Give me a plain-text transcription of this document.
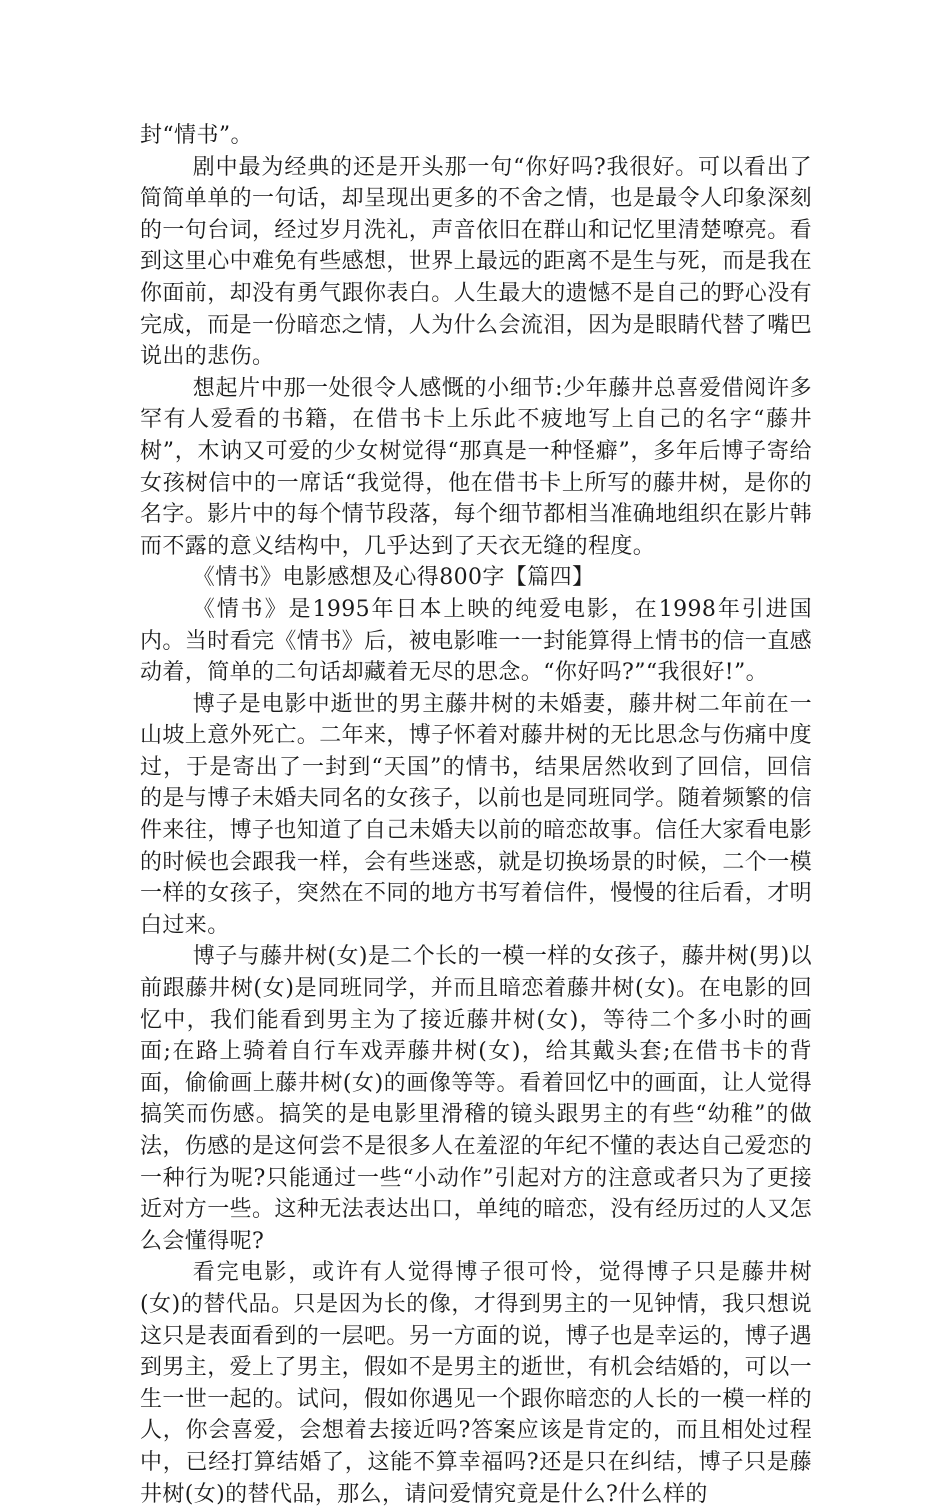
封“情书”。

剧中最为经典的还是开头那一句“你好吗?我很好。可以看出了简简单单的一句话，却呈现出更多的不舍之情，也是最令人印象深刻的一句台词，经过岁月洗礼，声音依旧在群山和记忆里清楚嘹亮。看到这里心中难免有些感想，世界上最远的距离不是生与死，而是我在你面前，却没有勇气跟你表白。人生最大的遗憾不是自己的野心没有完成，而是一份暗恋之情，人为什么会流泪，因为是眼睛代替了嘴巴说出的悲伤。

想起片中那一处很令人感慨的小细节:少年藤井总喜爱借阅许多罕有人爱看的书籍，在借书卡上乐此不疲地写上自己的名字“藤井树”，木讷又可爱的少女树觉得“那真是一种怪癖”，多年后博子寄给女孩树信中的一席话“我觉得，他在借书卡上所写的藤井树，是你的名字。影片中的每个情节段落，每个细节都相当准确地组织在影片韩而不露的意义结构中，几乎达到了天衣无缝的程度。

《情书》电影感想及心得800字【篇四】

《情书》是1995年日本上映的纯爱电影，在1998年引进国内。当时看完《情书》后，被电影唯一一封能算得上情书的信一直感动着，简单的二句话却藏着无尽的思念。“你好吗?”“我很好!”。

博子是电影中逝世的男主藤井树的未婚妻，藤井树二年前在一山坡上意外死亡。二年来，博子怀着对藤井树的无比思念与伤痛中度过，于是寄出了一封到“天国”的情书，结果居然收到了回信，回信的是与博子未婚夫同名的女孩子，以前也是同班同学。随着频繁的信件来往，博子也知道了自己未婚夫以前的暗恋故事。信任大家看电影的时候也会跟我一样，会有些迷惑，就是切换场景的时候，二个一模一样的女孩子，突然在不同的地方书写着信件，慢慢的往后看，才明白过来。

博子与藤井树(女)是二个长的一模一样的女孩子，藤井树(男)以前跟藤井树(女)是同班同学，并而且暗恋着藤井树(女)。在电影的回忆中，我们能看到男主为了接近藤井树(女)，等待二个多小时的画面;在路上骑着自行车戏弄藤井树(女)，给其戴头套;在借书卡的背面，偷偷画上藤井树(女)的画像等等。看着回忆中的画面，让人觉得搞笑而伤感。搞笑的是电影里滑稽的镜头跟男主的有些“幼稚”的做法，伤感的是这何尝不是很多人在羞涩的年纪不懂的表达自己爱恋的一种行为呢?只能通过一些“小动作”引起对方的注意或者只为了更接近对方一些。这种无法表达出口，单纯的暗恋，没有经历过的人又怎么会懂得呢?

看完电影，或许有人觉得博子很可怜，觉得博子只是藤井树(女)的替代品。只是因为长的像，才得到男主的一见钟情，我只想说这只是表面看到的一层吧。另一方面的说，博子也是幸运的，博子遇到男主，爱上了男主，假如不是男主的逝世，有机会结婚的，可以一生一世一起的。试问，假如你遇见一个跟你暗恋的人长的一模一样的人，你会喜爱，会想着去接近吗?答案应该是肯定的，而且相处过程中，已经打算结婚了，这能不算幸福吗?还是只在纠结，博子只是藤井树(女)的替代品，那么，请问爱情究竟是什么?什么样的
